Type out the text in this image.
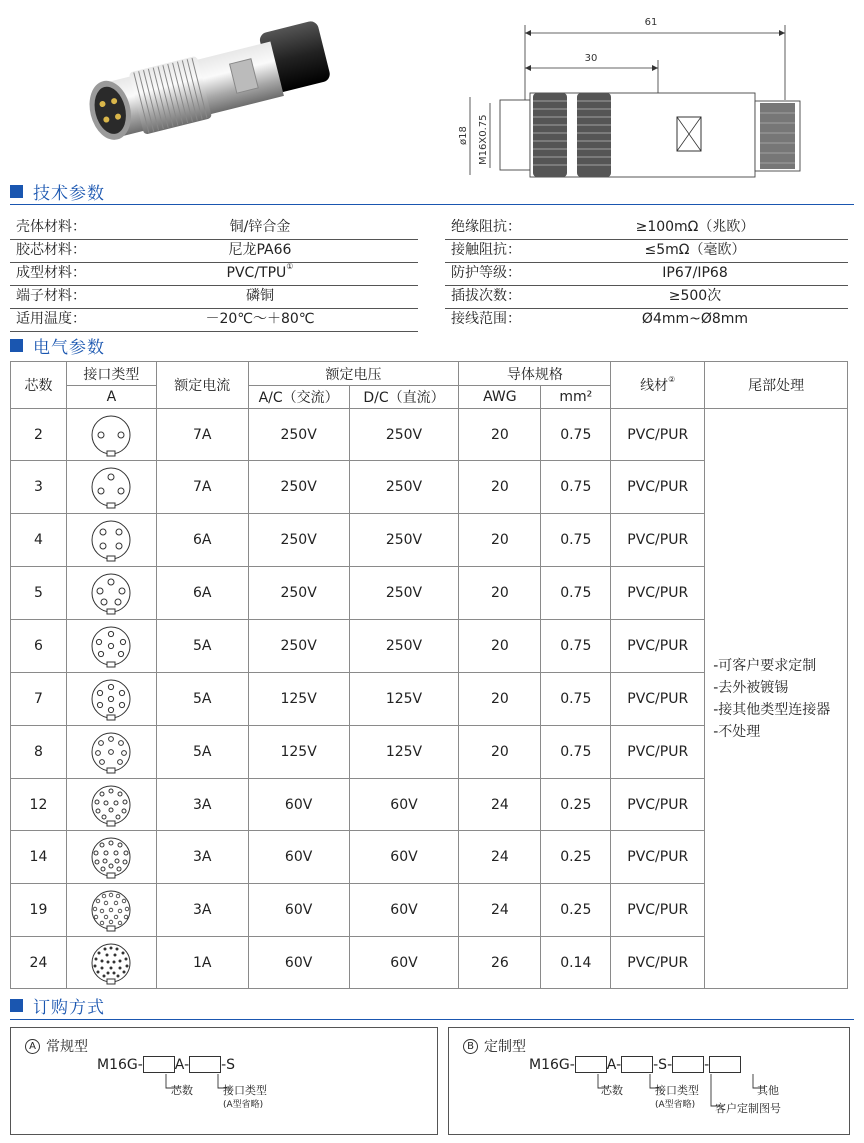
61
30
ø18 M16X0.75
技术参数
壳体材料：	铜/锌合金
胶芯材料：	尼龙PA66
成型材料：	PVC/TPU①
端子材料：	磷铜
适用温度：	－20℃～＋80℃
绝缘阻抗：	≥100mΩ（兆欧）
接触阻抗：	≤5mΩ（毫欧）
防护等级：	IP67/IP68
插拔次数：	≥500次
接线范围：	Ø4mm~Ø8mm
电气参数
芯数	接口类型	额定电流	额定电压		导体规格		线材②	尾部处理
	A		A/C（交流）	D/C（直流）	AWG	mm²		
2		7A	250V	250V	20	0.75	PVC/PUR	-可客户要求定制
-去外被镀锡
-接其他类型连接器
-不处理

3		7A	250V	250V	20	0.75	PVC/PUR	
4		6A	250V	250V	20	0.75	PVC/PUR	
5		6A	250V	250V	20	0.75	PVC/PUR	
6		5A	250V	250V	20	0.75	PVC/PUR	
7		5A	125V	125V	20	0.75	PVC/PUR	
8		5A	125V	125V	20	0.75	PVC/PUR	
12		3A	60V	60V	24	0.25	PVC/PUR	
14		3A	60V	60V	24	0.25	PVC/PUR	
19		3A	60V	60V	24	0.25	PVC/PUR	
24		1A	60V	60V	26	0.14	PVC/PUR	
订购方式
A 常规型
M16G- A- -S
芯数	接口类型
(A型省略)
B 定制型
M16G- A- -S- -
芯数	接口类型
(A型省略) 客户定制图号
其他
